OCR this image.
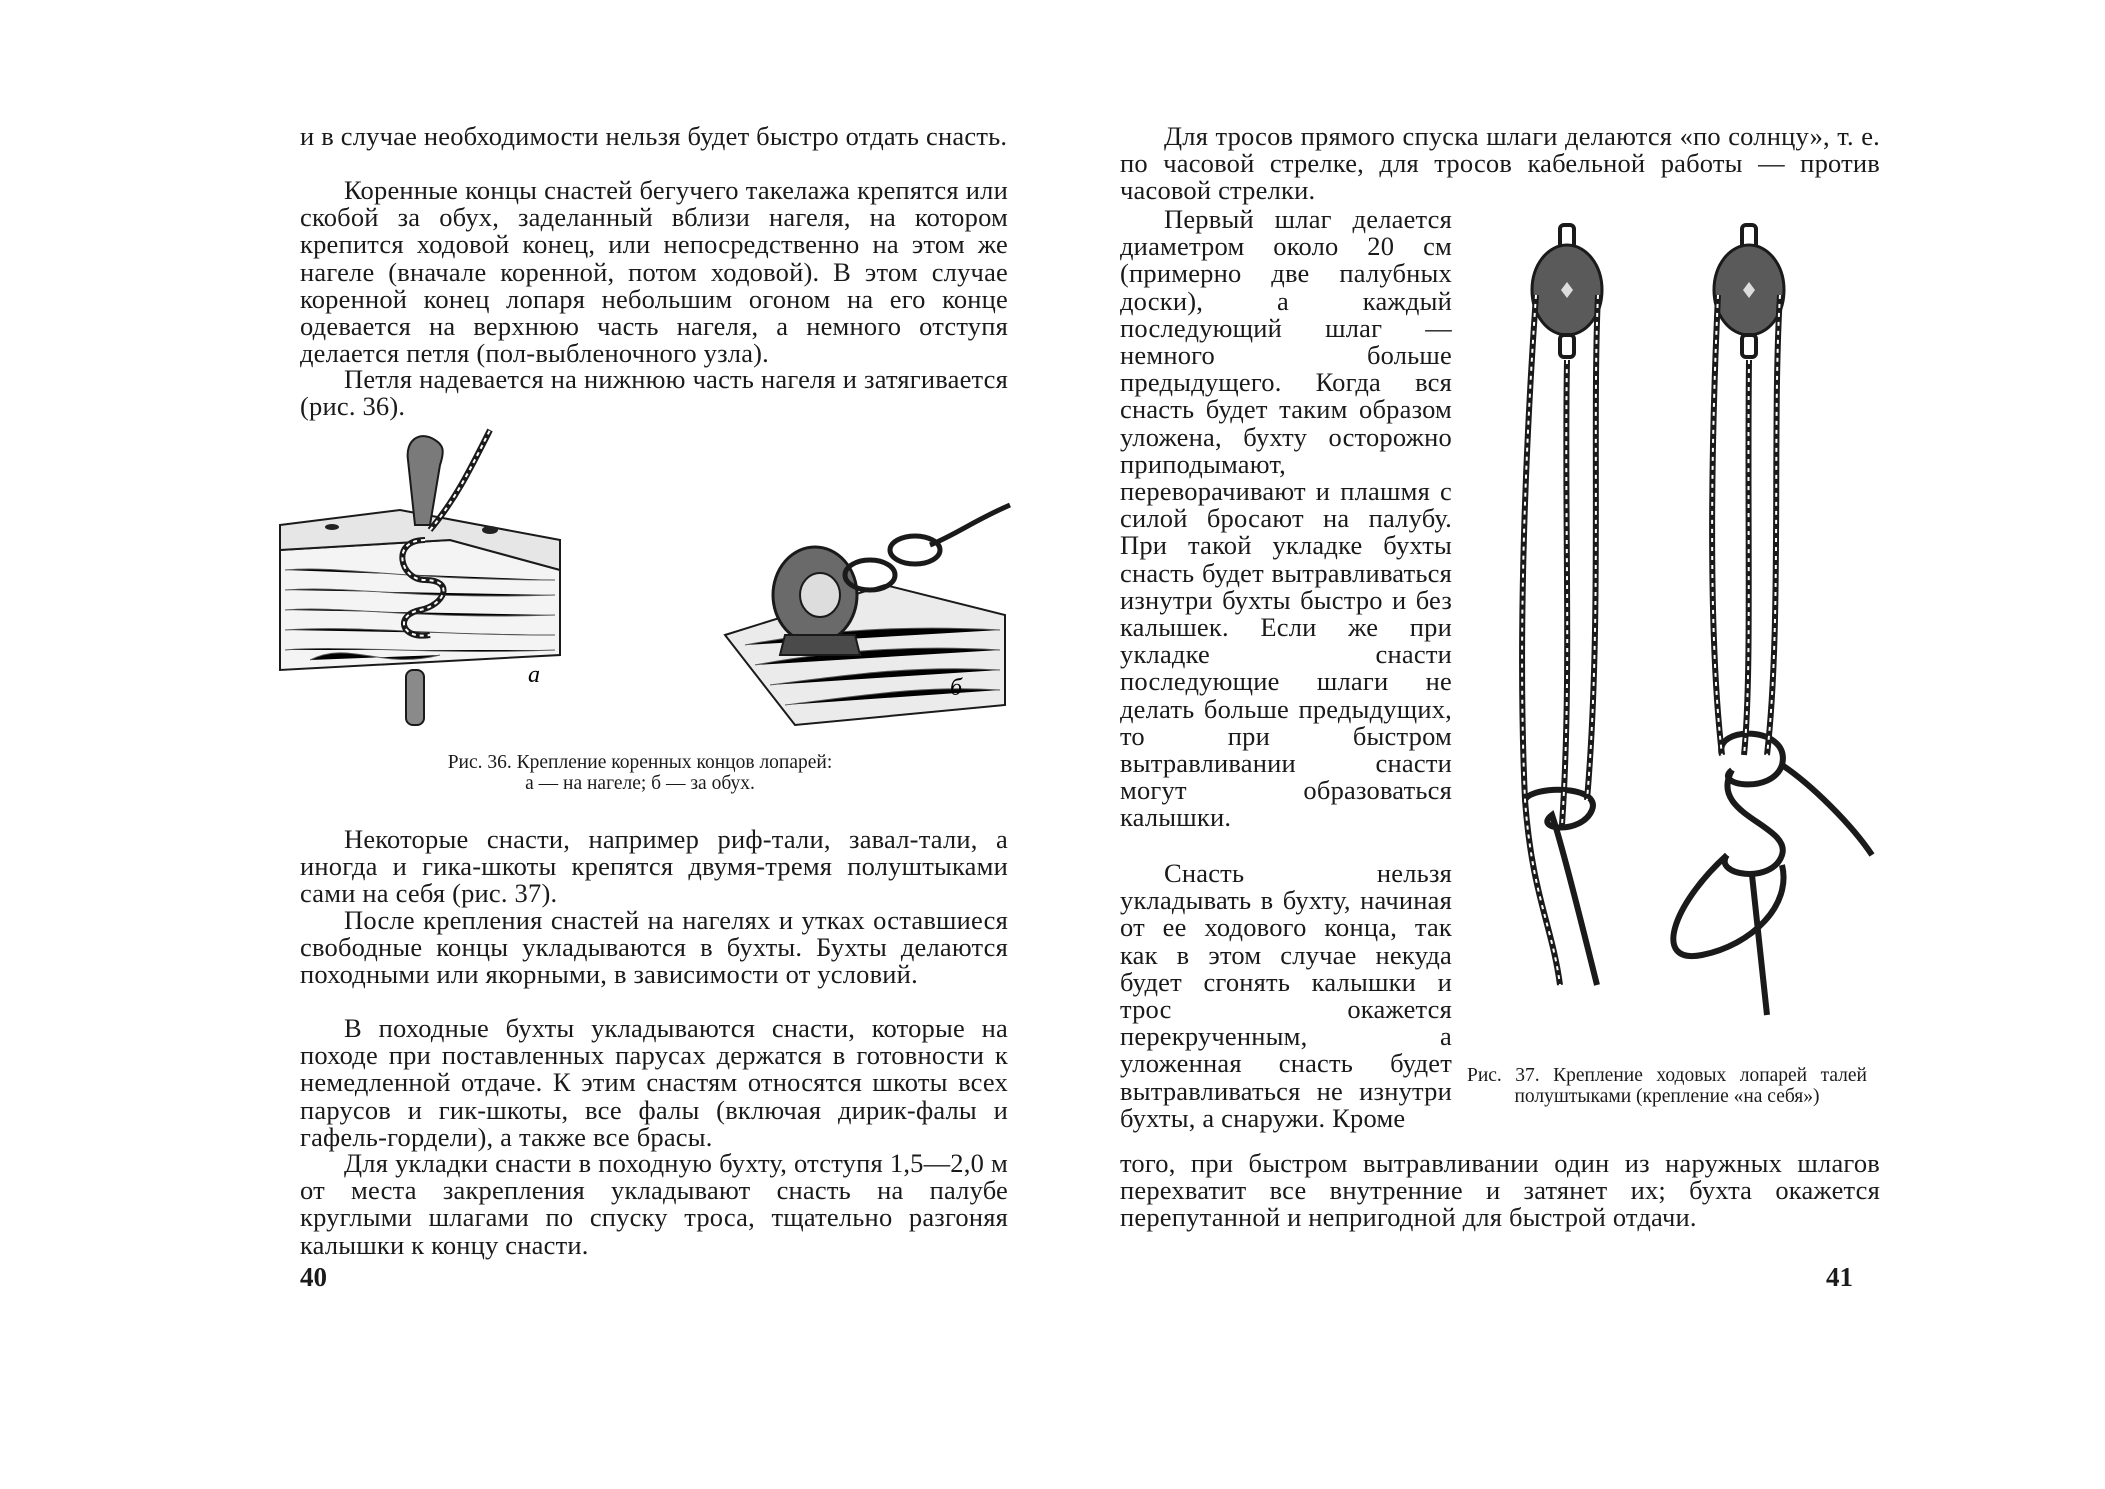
и в случае необходимости нельзя будет быстро отдать снасть.

Коренные концы снастей бегучего такелажа крепятся или скобой за обух, заделанный вблизи нагеля, на котором крепится ходовой конец, или непосредственно на этом же нагеле (вначале коренной, потом ходовой). В этом случае коренной конец лопаря небольшим огоном на его конце одевается на верхнюю часть нагеля, а немного отступя делается петля (пол-выбленочного узла).

Петля надевается на нижнюю часть нагеля и затягивается (рис. 36).

а	б

Рис. 36. Крепление коренных концов лопарей:
а — на нагеле; б — за обух.

Некоторые снасти, например риф-тали, завал-тали, а иногда и гика-шкоты крепятся двумя-тремя полуштыками сами на себя (рис. 37).

После крепления снастей на нагелях и утках оставшиеся свободные концы укладываются в бухты. Бухты делаются походными или якорными, в зависимости от условий.

В походные бухты укладываются снасти, которые на походе при поставленных парусах держатся в готовности к немедленной отдаче. К этим снастям относятся шкоты всех парусов и гик-шкоты, все фалы (включая дирик-фалы и гафель-гордели), а также все брасы.

Для укладки снасти в походную бухту, отступя 1,5—2,0 м от места закрепления укладывают снасть на палубе круглыми шлагами по спуску троса, тщательно разгоняя калышки к концу снасти.

40

Для тросов прямого спуска шлаги делаются «по солнцу», т. е. по часовой стрелке, для тросов кабельной работы — против часовой стрелки.

Первый шлаг делается диаметром около 20 см (примерно две палубных доски), а каждый последующий шлаг — немного больше предыдущего. Когда вся снасть будет таким образом уложена, бухту осторожно приподымают, переворачивают и плашмя с силой бросают на палубу. При такой укладке бухты снасть будет вытравливаться изнутри бухты быстро и без калышек. Если же при укладке снасти последующие шлаги не делать больше предыдущих, то при быстром вытравливании снасти могут образоваться калышки.

Снасть нельзя укладывать в бухту, начиная от ее ходового конца, так как в этом случае некуда будет сгонять калышки и трос окажется перекрученным, а уложенная снасть будет вытравливаться не изнутри бухты, а снаружи. Кроме

Рис. 37. Крепление ходовых лопарей талей полуштыками (крепление «на себя»)

того, при быстром вытравливании один из наружных шлагов перехватит все внутренние и затянет их; бухта окажется перепутанной и непригодной для быстрой отдачи.

41
